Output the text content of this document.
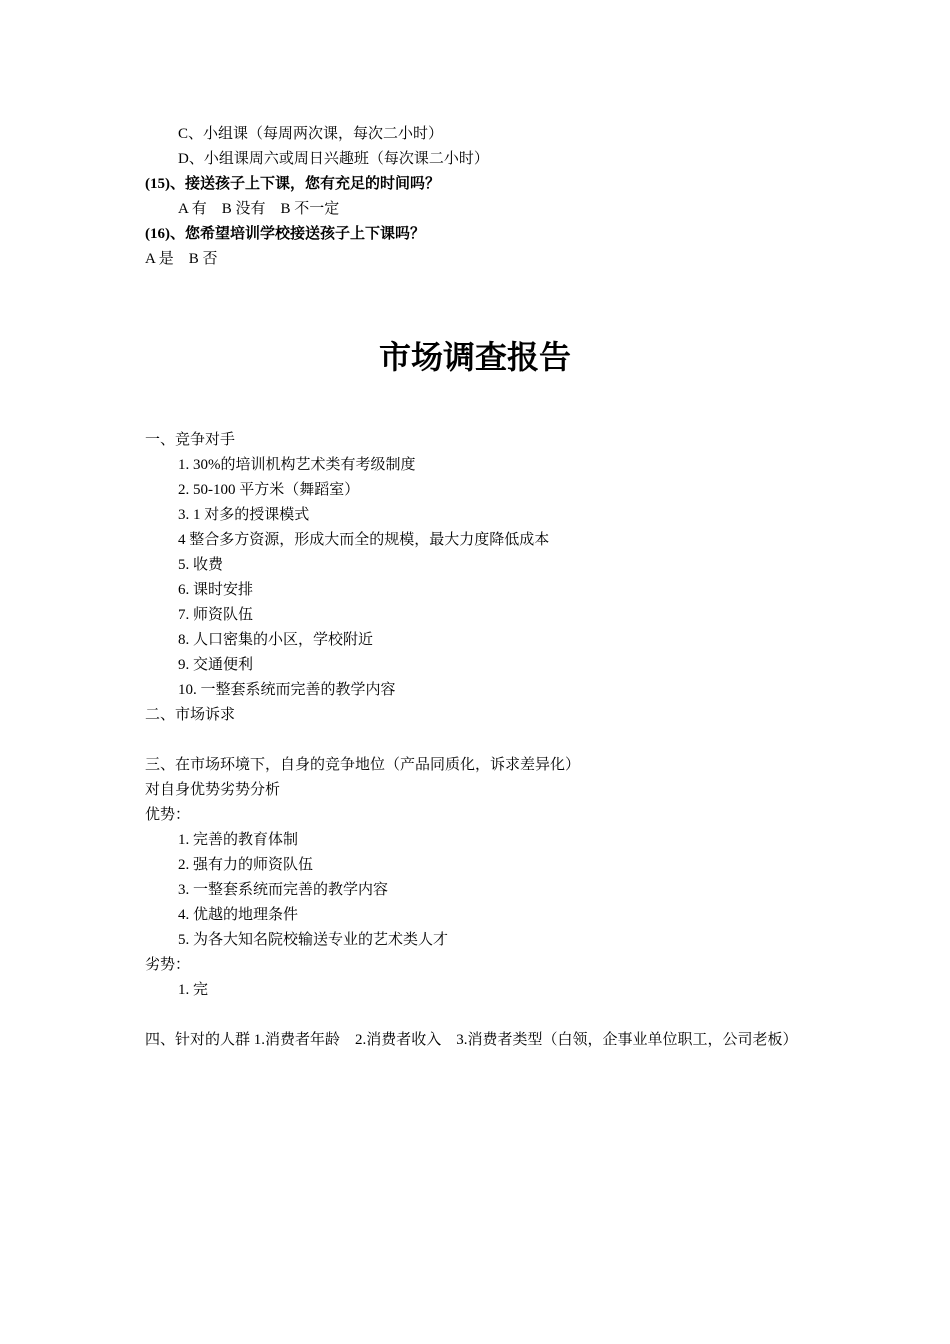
C、小组课（每周两次课，每次二小时）
D、小组课周六或周日兴趣班（每次课二小时）
(15)、接送孩子上下课，您有充足的时间吗？
A 有　B 没有　B 不一定
(16)、您希望培训学校接送孩子上下课吗？
A 是　B 否
市场调查报告
一、竞争对手
1. 30%的培训机构艺术类有考级制度
2. 50-100 平方米（舞蹈室）
3. 1 对多的授课模式
4 整合多方资源，形成大而全的规模，最大力度降低成本
5. 收费
6. 课时安排
7. 师资队伍
8. 人口密集的小区，学校附近
9. 交通便利
10. 一整套系统而完善的教学内容
二、市场诉求
三、在市场环境下，自身的竞争地位（产品同质化，诉求差异化）
对自身优势劣势分析
优势：
1. 完善的教育体制
2. 强有力的师资队伍
3. 一整套系统而完善的教学内容
4. 优越的地理条件
5. 为各大知名院校输送专业的艺术类人才
劣势：
1. 完
四、针对的人群 1.消费者年龄　2.消费者收入　3.消费者类型（白领，企事业单位职工，公司老板）
